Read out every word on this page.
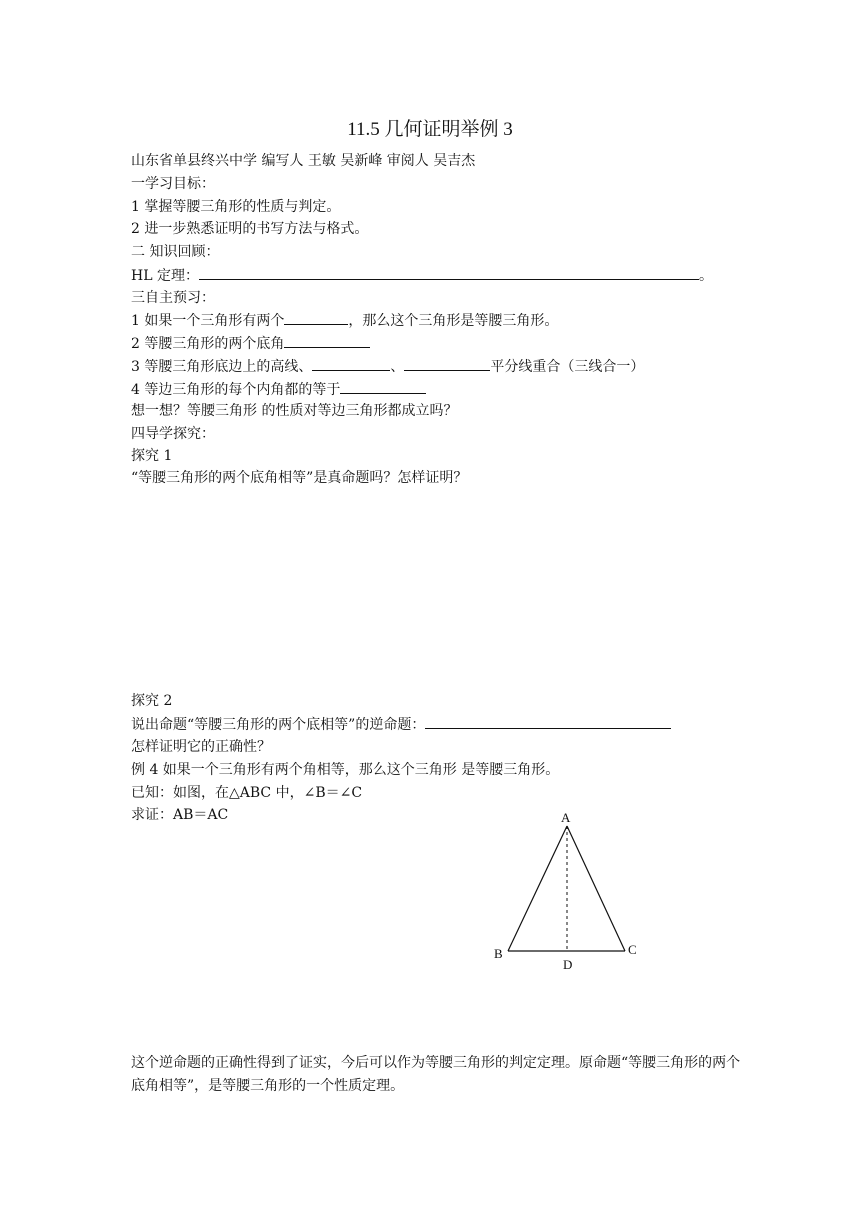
11.5 几何证明举例 3
山东省单县终兴中学 编写人 王敏 吴新峰 审阅人 吴吉杰
一学习目标：
1 掌握等腰三角形的性质与判定。
2 进一步熟悉证明的书写方法与格式。
二 知识回顾：
HL 定理：	。
三自主预习：
1 如果一个三角形有两个	，那么这个三角形是等腰三角形。
2 等腰三角形的两个底角
3 等腰三角形底边上的高线、	、	平分线重合（三线合一）
4 等边三角形的每个内角都的等于
想一想？等腰三角形 的性质对等边三角形都成立吗？
四导学探究：
探究 1
“等腰三角形的两个底角相等”是真命题吗？怎样证明？
探究 2
说出命题“等腰三角形的两个底相等”的逆命题：
怎样证明它的正确性？
例 4 如果一个三角形有两个角相等，那么这个三角形 是等腰三角形。
已知：如图，在△ABC 中，∠B＝∠C
求证：AB＝AC	A
B	C
D
这个逆命题的正确性得到了证实，今后可以作为等腰三角形的判定定理。原命题“等腰三角形的两个底角相等”，是等腰三角形的一个性质定理。
